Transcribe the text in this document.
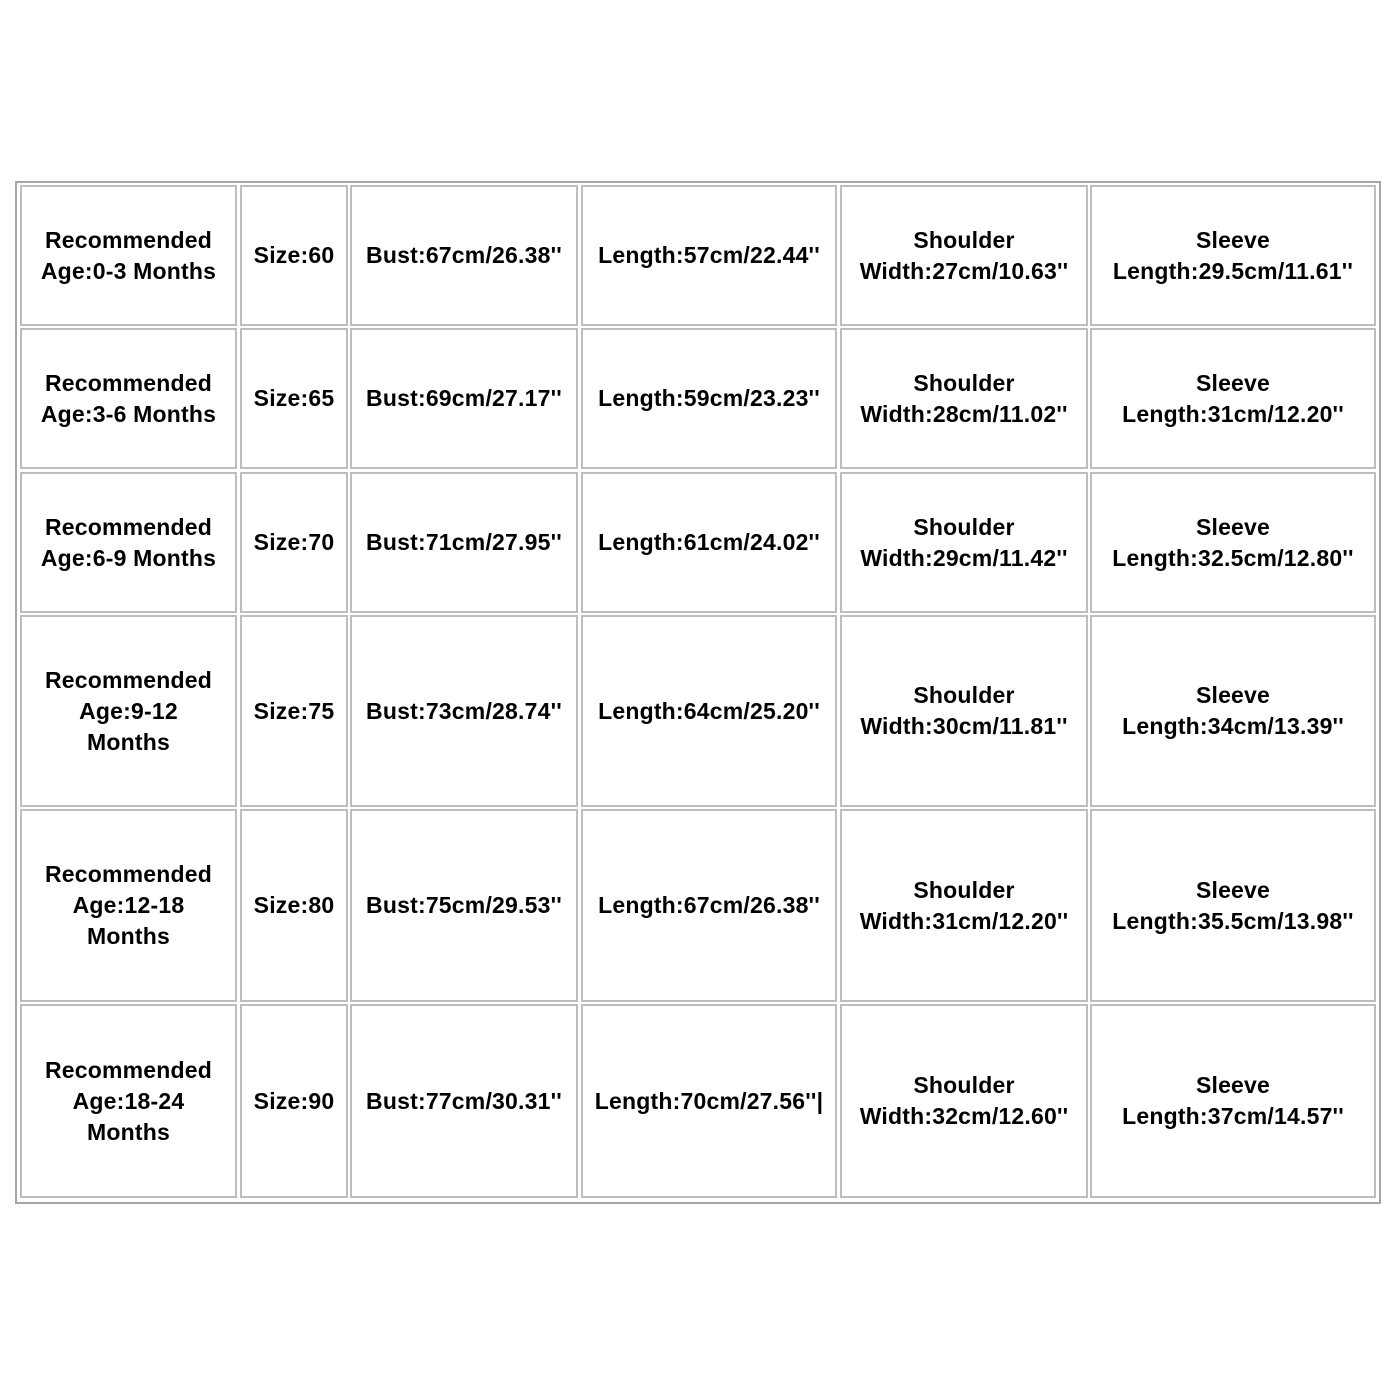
Recommended
Age:0-3 Months
Size:60 Bust:67cm/26.38'' Length:57cm/22.44''
Shoulder
Width:27cm/10.63''
Sleeve
Length:29.5cm/11.61''
Recommended
Age:3-6 Months
Size:65 Bust:69cm/27.17'' Length:59cm/23.23''
Shoulder
Width:28cm/11.02''
Sleeve
Length:31cm/12.20''
Recommended
Age:6-9 Months
Size:70 Bust:71cm/27.95'' Length:61cm/24.02''
Shoulder
Width:29cm/11.42''
Sleeve
Length:32.5cm/12.80''
Recommended
Age:9-12
Months
Size:75 Bust:73cm/28.74'' Length:64cm/25.20''
Shoulder
Width:30cm/11.81''
Sleeve
Length:34cm/13.39''
Recommended
Age:12-18
Months
Size:80 Bust:75cm/29.53'' Length:67cm/26.38''
Shoulder
Width:31cm/12.20''
Sleeve
Length:35.5cm/13.98''
Recommended
Age:18-24
Months
Size:90 Bust:77cm/30.31'' Length:70cm/27.56''|
Shoulder
Width:32cm/12.60''
Sleeve
Length:37cm/14.57''
